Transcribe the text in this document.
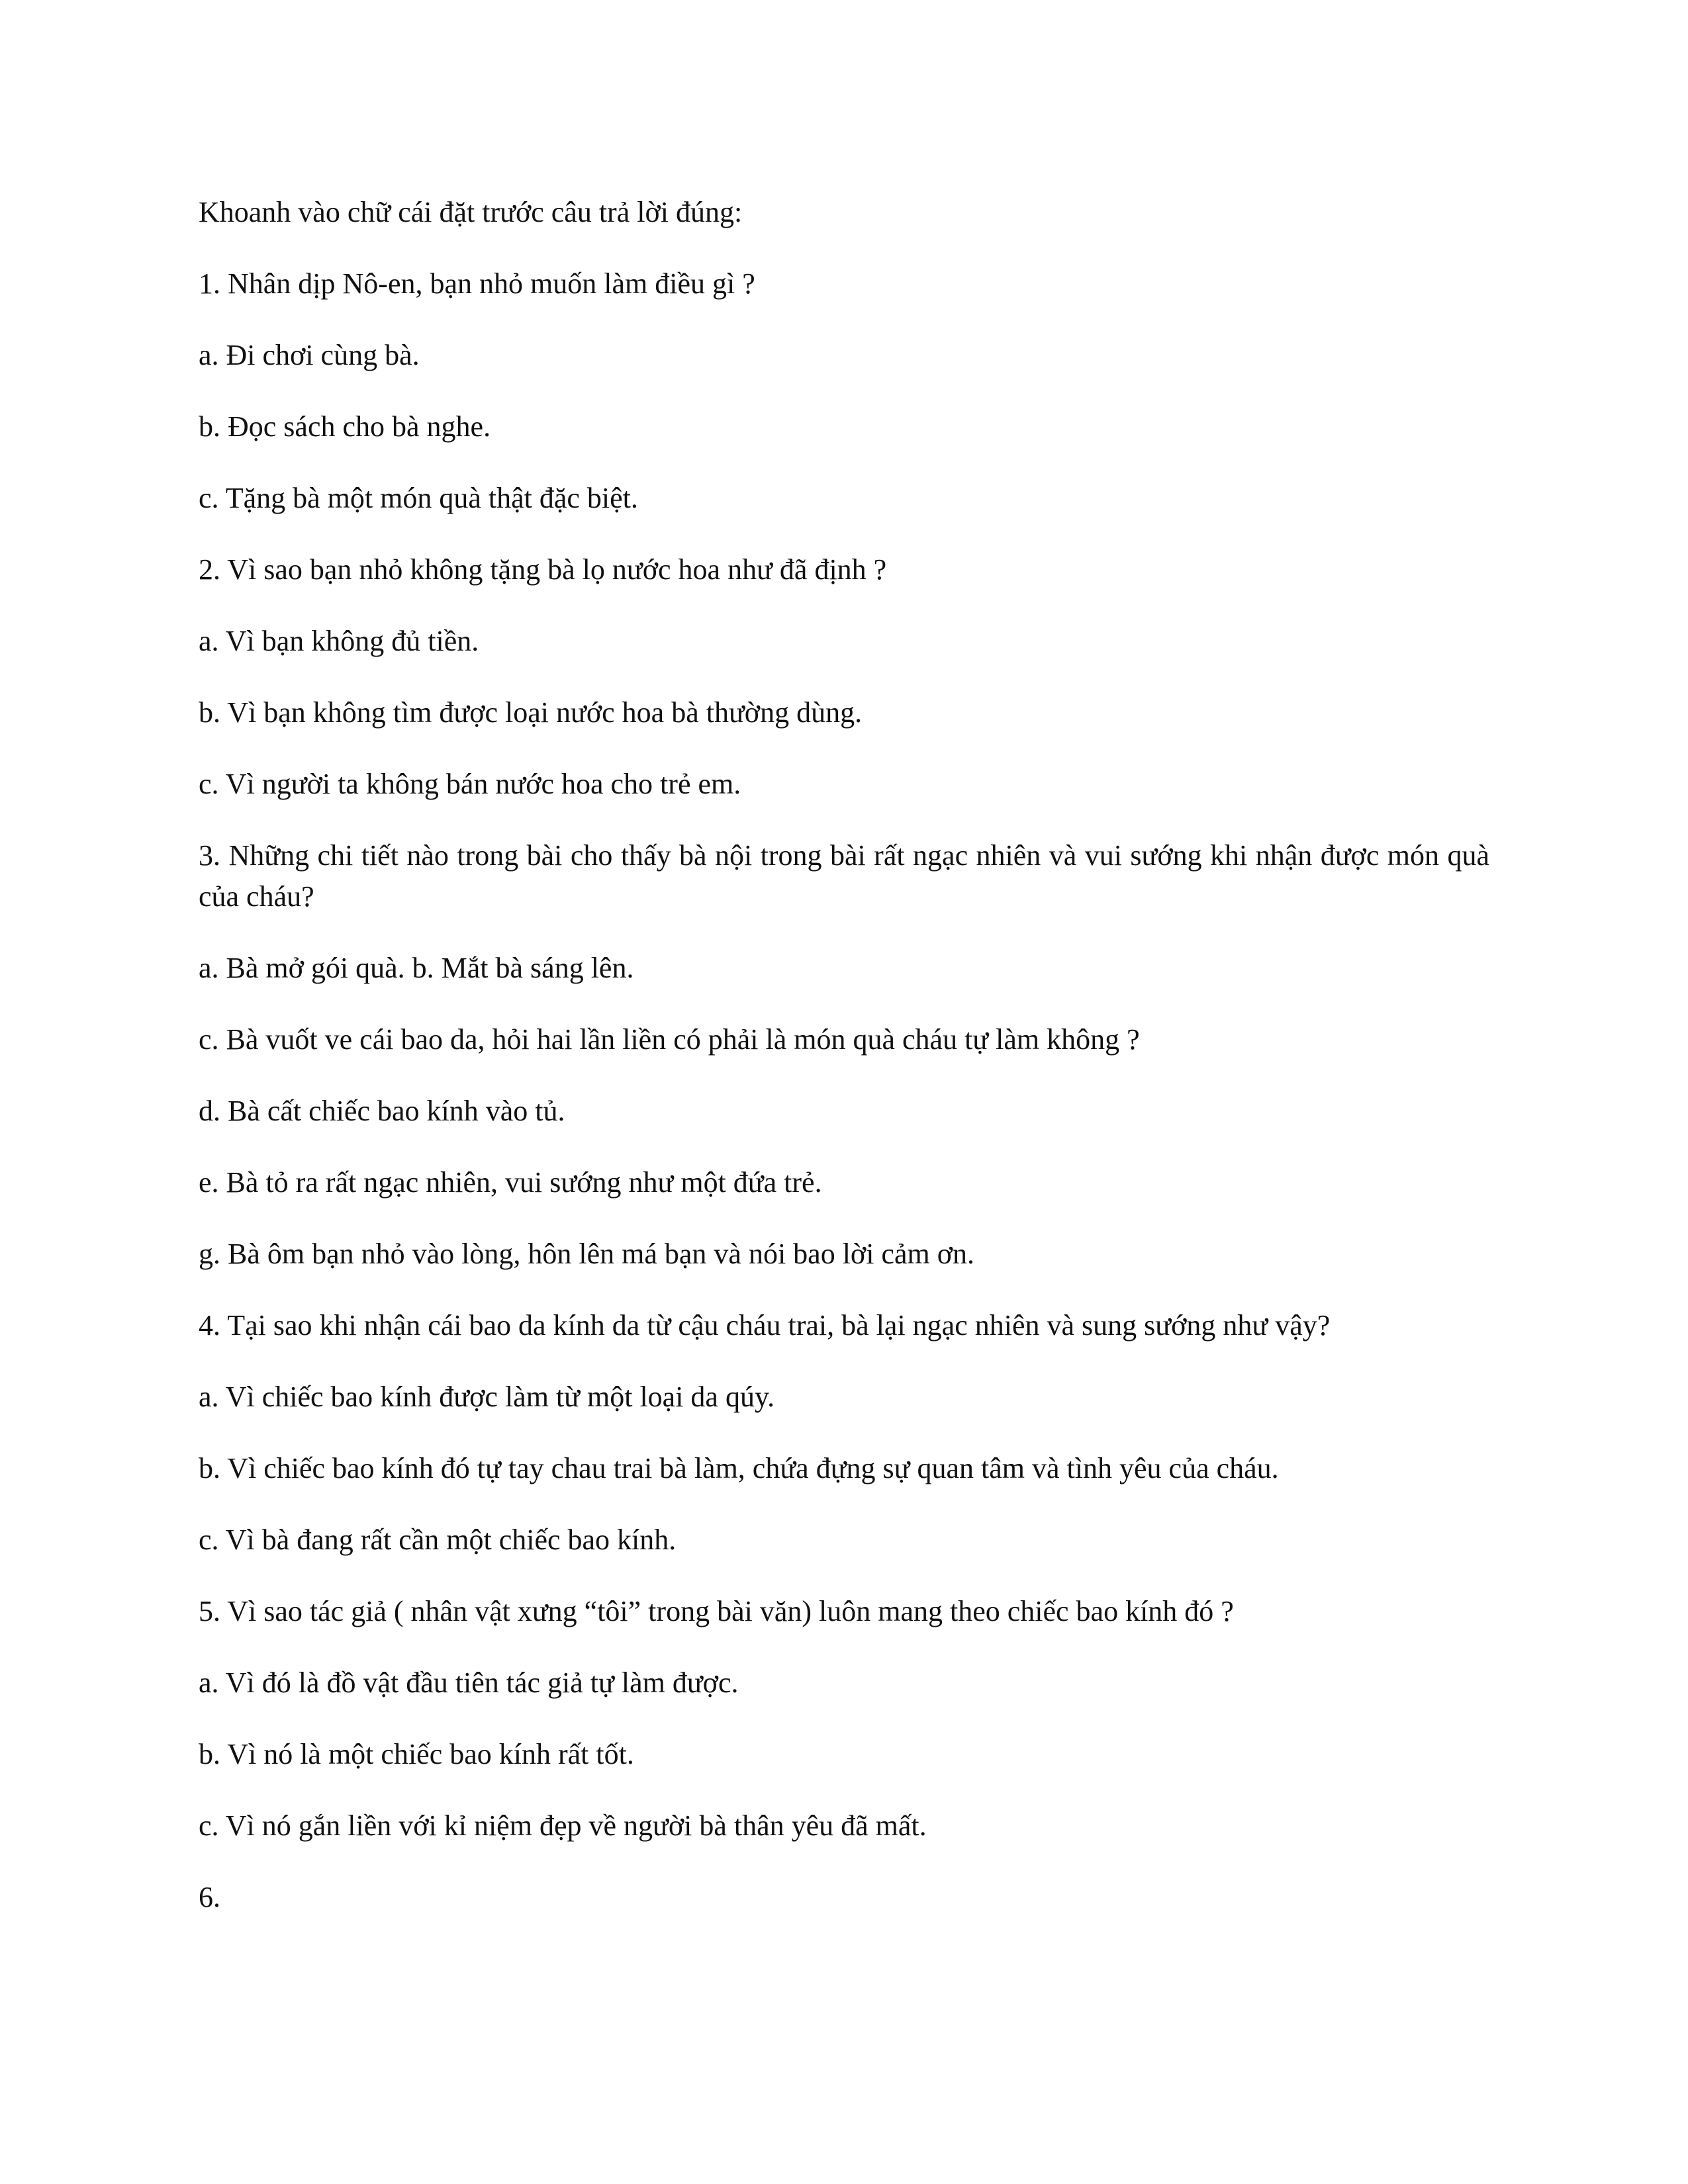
Khoanh vào chữ cái đặt trước câu trả lời đúng:

1. Nhân dịp Nô-en, bạn nhỏ muốn làm điều gì ?

a. Đi chơi cùng bà.

b. Đọc sách cho bà nghe.

c. Tặng bà một món quà thật đặc biệt.

2. Vì sao bạn nhỏ không tặng bà lọ nước hoa như đã định ?

a. Vì bạn không đủ tiền.

b. Vì bạn không tìm được loại nước hoa bà thường dùng.

c. Vì người ta không bán nước hoa cho trẻ em.

3. Những chi tiết nào trong bài cho thấy bà nội trong bài rất ngạc nhiên và vui sướng khi nhận được món quà của cháu?

a. Bà mở gói quà. b. Mắt bà sáng lên.

c. Bà vuốt ve cái bao da, hỏi hai lần liền có phải là món quà cháu tự làm không ?

d. Bà cất chiếc bao kính vào tủ.

e. Bà tỏ ra rất ngạc nhiên, vui sướng như một đứa trẻ.

g. Bà ôm bạn nhỏ vào lòng, hôn lên má bạn và nói bao lời cảm ơn.

4. Tại sao khi nhận cái bao da kính da từ cậu cháu trai, bà lại ngạc nhiên và sung sướng như vậy?

a. Vì chiếc bao kính được làm từ một loại da qúy.

b. Vì chiếc bao kính đó tự tay chau trai bà làm, chứa đựng sự quan tâm và tình yêu của cháu.

c. Vì bà đang rất cần một chiếc bao kính.

5. Vì sao tác giả ( nhân vật xưng “tôi” trong bài văn) luôn mang theo chiếc bao kính đó ?

a. Vì đó là đồ vật đầu tiên tác giả tự làm được.

b. Vì nó là một chiếc bao kính rất tốt.

c. Vì nó gắn liền với kỉ niệm đẹp về người bà thân yêu đã mất.

6.
